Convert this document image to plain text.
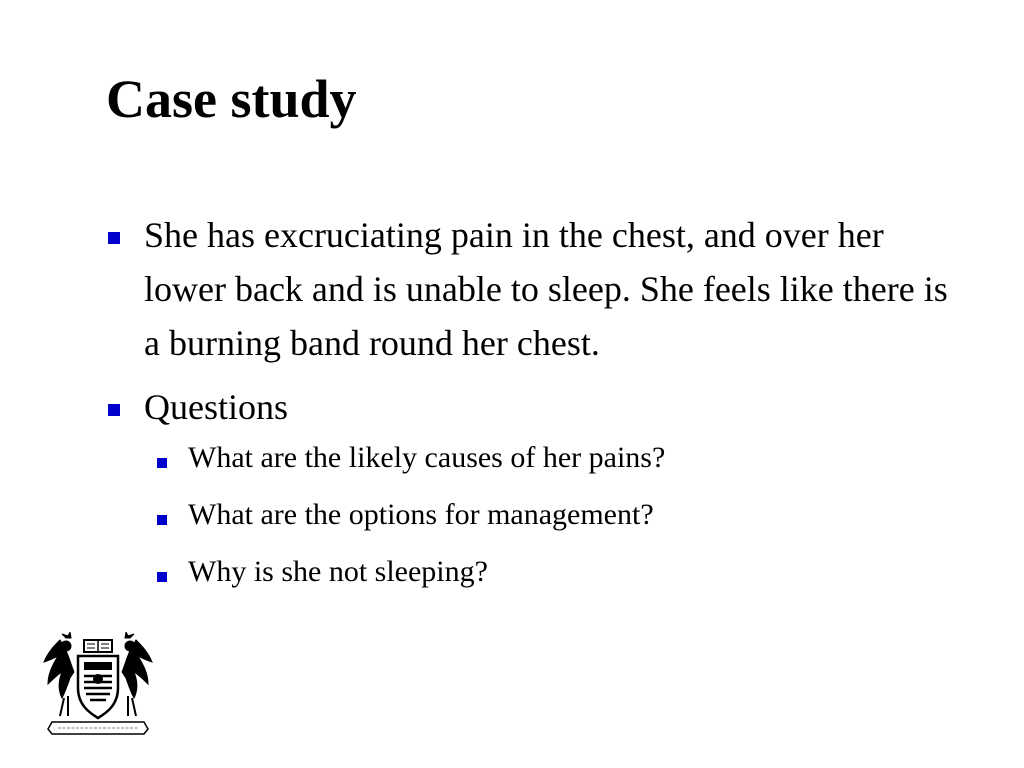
Case study
She has excruciating pain in the chest, and over her lower back and is unable to sleep. She feels like there is a burning band round her chest.
Questions
What are the likely causes of her pains?
What are the options for management?
Why is she not sleeping?
